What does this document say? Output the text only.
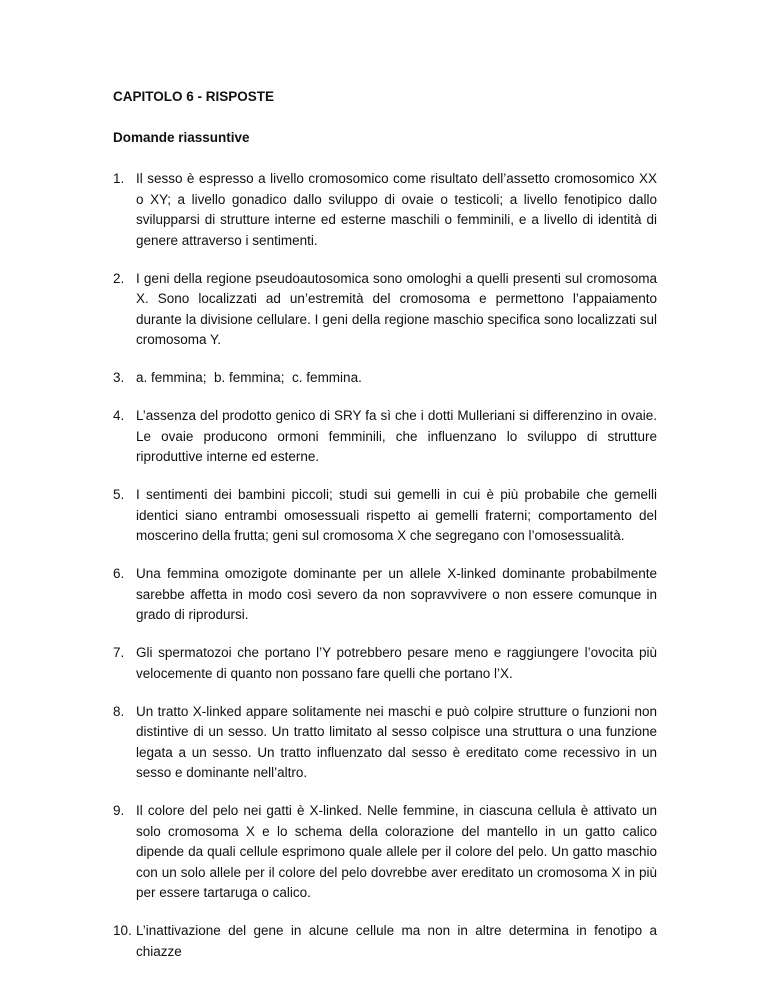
CAPITOLO 6 - RISPOSTE
Domande riassuntive
1. Il sesso è espresso a livello cromosomico come risultato dell’assetto cromosomico XX o XY; a livello gonadico dallo sviluppo di ovaie o testicoli; a livello fenotipico dallo svilupparsi di strutture interne ed esterne maschili o femminili, e a livello di identità di genere attraverso i sentimenti.
2. I geni della regione pseudoautosomica sono omologhi a quelli presenti sul cromosoma X. Sono localizzati ad un’estremità del cromosoma e permettono l’appaiamento durante la divisione cellulare. I geni della regione maschio specifica sono localizzati sul cromosoma Y.
3. a. femmina;  b. femmina;  c. femmina.
4. L’assenza del prodotto genico di SRY fa sì che i dotti Mulleriani si differenzino in ovaie. Le ovaie producono ormoni femminili, che influenzano lo sviluppo di strutture riproduttive interne ed esterne.
5. I sentimenti dei bambini piccoli; studi sui gemelli in cui è più probabile che gemelli identici siano entrambi omosessuali rispetto ai gemelli fraterni; comportamento del moscerino della frutta; geni sul cromosoma X che segregano con l’omosessualità.
6. Una femmina omozigote dominante per un allele X-linked dominante probabilmente sarebbe affetta in modo così severo da non sopravvivere o non essere comunque in grado di riprodursi.
7. Gli spermatozoi che portano l’Y potrebbero pesare meno e raggiungere l’ovocita più velocemente di quanto non possano fare quelli che portano l’X.
8. Un tratto X-linked appare solitamente nei maschi e può colpire strutture o funzioni non distintive di un sesso. Un tratto limitato al sesso colpisce una struttura o una funzione legata a un sesso. Un tratto influenzato dal sesso è ereditato come recessivo in un sesso e dominante nell’altro.
9. Il colore del pelo nei gatti è X-linked. Nelle femmine, in ciascuna cellula è attivato un solo cromosoma X e lo schema della colorazione del mantello in un gatto calico dipende da quali cellule esprimono quale allele per il colore del pelo. Un gatto maschio con un solo allele per il colore del pelo dovrebbe aver ereditato un cromosoma X in più per essere tartaruga o calico.
10. L’inattivazione del gene in alcune cellule ma non in altre determina in fenotipo a chiazze
